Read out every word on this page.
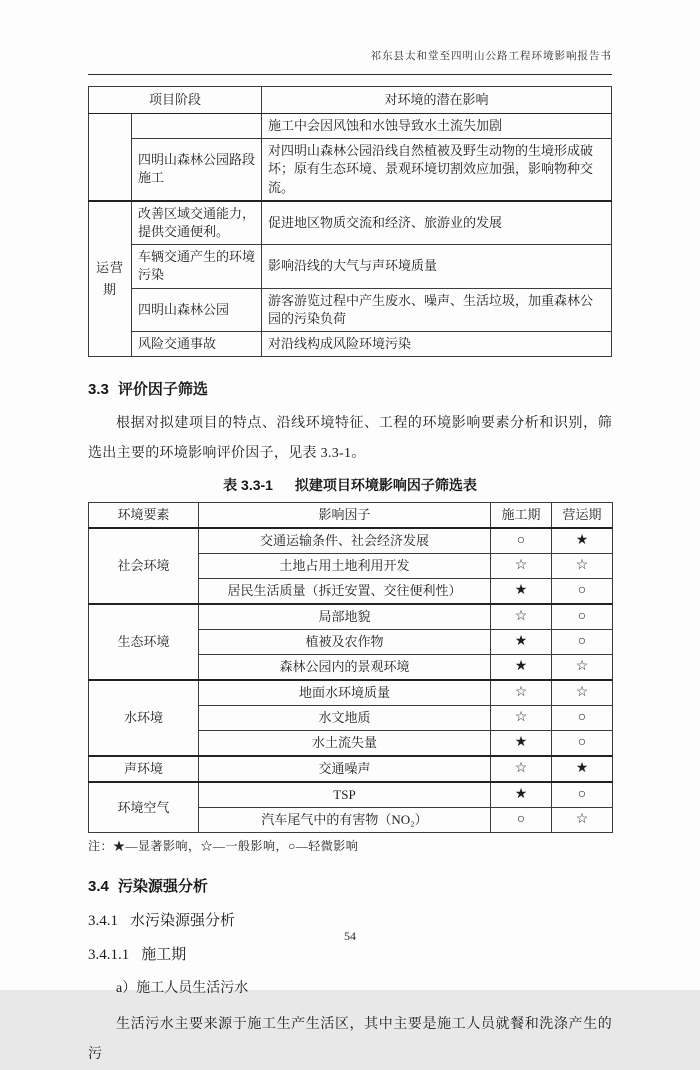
祁东县太和堂至四明山公路工程环境影响报告书
项目阶段		对环境的潜在影响
		施工中会因风蚀和水蚀导致水土流失加剧
	四明山森林公园路段施工	对四明山森林公园沿线自然植被及野生动物的生境形成破坏；原有生态环境、景观环境切割效应加强，影响物种交流。
运营期	改善区域交通能力，提供交通便利。	促进地区物质交流和经济、旅游业的发展
	车辆交通产生的环境污染	影响沿线的大气与声环境质量
	四明山森林公园	游客游览过程中产生废水、噪声、生活垃圾，加重森林公园的污染负荷
	风险交通事故	对沿线构成风险环境污染
3.3 评价因子筛选

根据对拟建项目的特点、沿线环境特征、工程的环境影响要素分析和识别，筛选出主要的环境影响评价因子，见表 3.3-1。

表 3.3-1 拟建项目环境影响因子筛选表
环境要素	影响因子	施工期	营运期
社会环境	交通运输条件、社会经济发展	○	★
	土地占用土地利用开发	☆	☆
	居民生活质量（拆迁安置、交往便利性）	★	○
生态环境	局部地貌	☆	○
	植被及农作物	★	○
	森林公园内的景观环境	★	☆
水环境	地面水环境质量	☆	☆
	水文地质	☆	○
	水土流失量	★	○
声环境	交通噪声	☆	★
环境空气	TSP	★	○
	汽车尾气中的有害物（NO₂）	○	☆
注：★—显著影响，☆—一般影响，○—轻微影响
3.4 污染源强分析
3.4.1 水污染源强分析
3.4.1.1 施工期
a）施工人员生活污水

生活污水主要来源于施工生产生活区，其中主要是施工人员就餐和洗涤产生的污

54
